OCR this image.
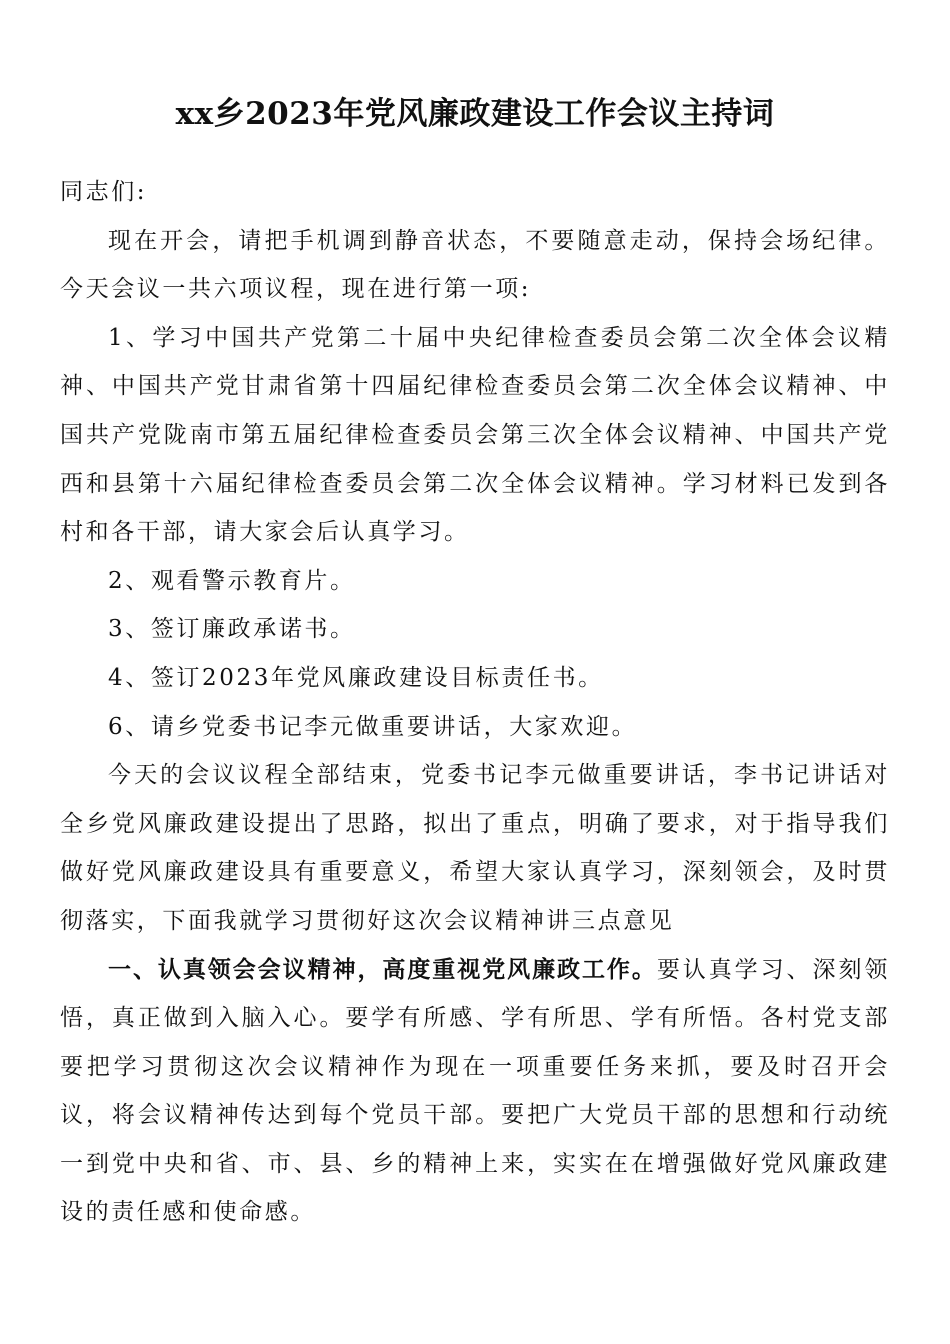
xx乡2023年党风廉政建设工作会议主持词

同志们:

现在开会，请把手机调到静音状态，不要随意走动，保持会场纪律。今天会议一共六项议程，现在进行第一项:

1、学习中国共产党第二十届中央纪律检查委员会第二次全体会议精神、中国共产党甘肃省第十四届纪律检查委员会第二次全体会议精神、中国共产党陇南市第五届纪律检查委员会第三次全体会议精神、中国共产党西和县第十六届纪律检查委员会第二次全体会议精神。学习材料已发到各村和各干部，请大家会后认真学习。

2、观看警示教育片。

3、签订廉政承诺书。

4、签订2023年党风廉政建设目标责任书。

6、请乡党委书记李元做重要讲话，大家欢迎。

今天的会议议程全部结束，党委书记李元做重要讲话，李书记讲话对全乡党风廉政建设提出了思路，拟出了重点，明确了要求，对于指导我们做好党风廉政建设具有重要意义，希望大家认真学习，深刻领会，及时贯彻落实，下面我就学习贯彻好这次会议精神讲三点意见

一、认真领会会议精神，高度重视党风廉政工作。要认真学习、深刻领悟，真正做到入脑入心。要学有所感、学有所思、学有所悟。各村党支部要把学习贯彻这次会议精神作为现在一项重要任务来抓，要及时召开会议，将会议精神传达到每个党员干部。要把广大党员干部的思想和行动统一到党中央和省、市、县、乡的精神上来，实实在在增强做好党风廉政建设的责任感和使命感。
